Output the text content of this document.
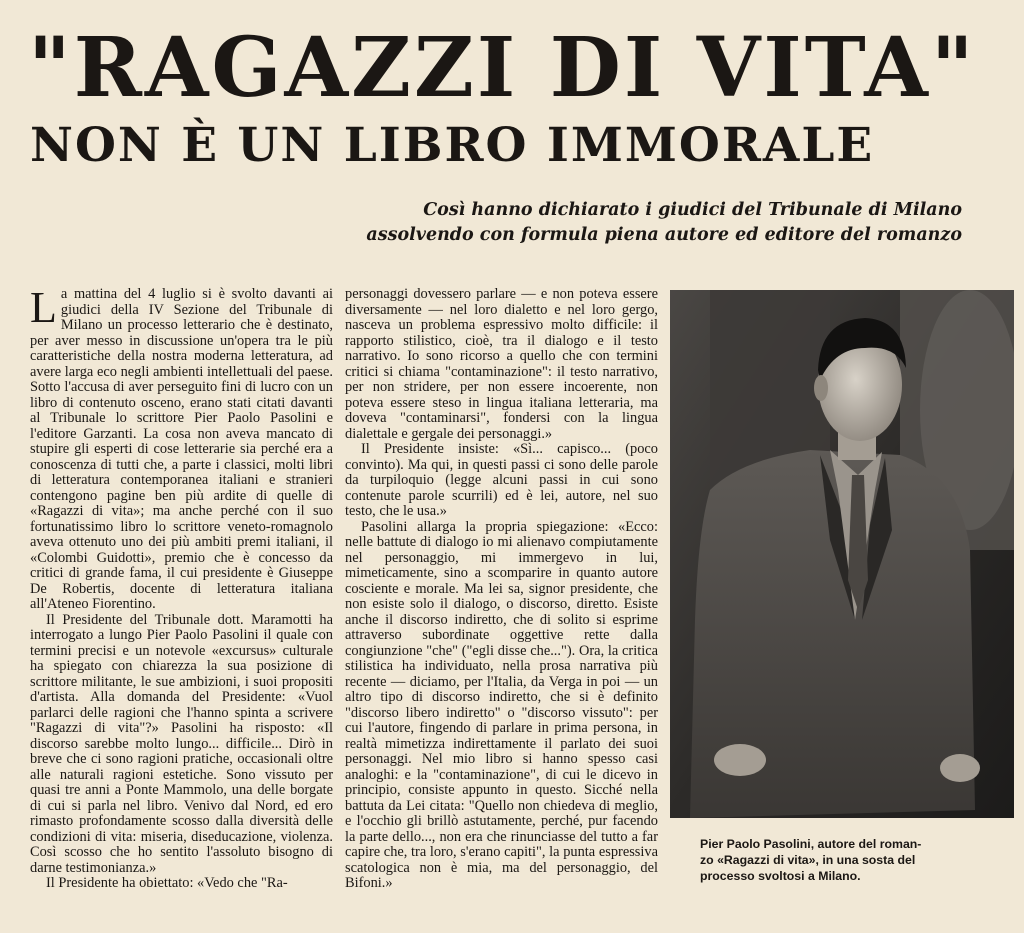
"RAGAZZI DI VITA"
NON È UN LIBRO IMMORALE
Così hanno dichiarato i giudici del Tribunale di Milano
assolvendo con formula piena autore ed editore del romanzo

La mattina del 4 luglio si è svolto davanti ai giudici della IV Sezione del Tribunale di Milano un processo letterario che è destinato, per aver messo in discussione un'opera tra le più caratteristiche della nostra moderna letteratura, ad avere larga eco negli ambienti intellettuali del paese. Sotto l'accusa di aver perseguito fini di lucro con un libro di contenuto osceno, erano stati citati davanti al Tribunale lo scrittore Pier Paolo Pasolini e l'editore Garzanti. La cosa non aveva mancato di stupire gli esperti di cose letterarie sia perché era a conoscenza di tutti che, a parte i classici, molti libri di letteratura contemporanea italiani e stranieri contengono pagine ben più ardite di quelle di «Ragazzi di vita»; ma anche perché con il suo fortunatissimo libro lo scrittore veneto-romagnolo aveva ottenuto uno dei più ambiti premi italiani, il «Colombi Guidotti», premio che è concesso da critici di grande fama, il cui presidente è Giuseppe De Robertis, docente di letteratura italiana all'Ateneo Fiorentino.

Il Presidente del Tribunale dott. Maramotti ha interrogato a lungo Pier Paolo Pasolini il quale con termini precisi e un notevole «excursus» culturale ha spiegato con chiarezza la sua posizione di scrittore militante, le sue ambizioni, i suoi propositi d'artista. Alla domanda del Presidente: «Vuol parlarci delle ragioni che l'hanno spinta a scrivere "Ragazzi di vita"?» Pasolini ha risposto: «Il discorso sarebbe molto lungo... difficile... Dirò in breve che ci sono ragioni pratiche, occasionali oltre alle naturali ragioni estetiche. Sono vissuto per quasi tre anni a Ponte Mammolo, una delle borgate di cui si parla nel libro. Venivo dal Nord, ed ero rimasto profondamente scosso dalla diversità delle condizioni di vita: miseria, diseducazione, violenza. Così scosso che ho sentito l'assoluto bisogno di darne testimonianza.»

Il Presidente ha obiettato: «Vedo che "Ra-

personaggi dovessero parlare — e non poteva essere diversamente — nel loro dialetto e nel loro gergo, nasceva un problema espressivo molto difficile: il rapporto stilistico, cioè, tra il dialogo e il testo narrativo. Io sono ricorso a quello che con termini critici si chiama "contaminazione": il testo narrativo, per non stridere, per non essere incoerente, non poteva essere steso in lingua italiana letteraria, ma doveva "contaminarsi", fondersi con la lingua dialettale e gergale dei personaggi.»

Il Presidente insiste: «Sì... capisco... (poco convinto). Ma qui, in questi passi ci sono delle parole da turpiloquio (legge alcuni passi in cui sono contenute parole scurrili) ed è lei, autore, nel suo testo, che le usa.»

Pasolini allarga la propria spiegazione: «Ecco: nelle battute di dialogo io mi alienavo compiutamente nel personaggio, mi immergevo in lui, mimeticamente, sino a scomparire in quanto autore cosciente e morale. Ma lei sa, signor presidente, che non esiste solo il dialogo, o discorso, diretto. Esiste anche il discorso indiretto, che di solito si esprime attraverso subordinate oggettive rette dalla congiunzione "che" ("egli disse che..."). Ora, la critica stilistica ha individuato, nella prosa narrativa più recente — diciamo, per l'Italia, da Verga in poi — un altro tipo di discorso indiretto, che si è definito "discorso libero indiretto" o "discorso vissuto": per cui l'autore, fingendo di parlare in prima persona, in realtà mimetizza indirettamente il parlato dei suoi personaggi. Nel mio libro si hanno spesso casi analoghi: e la "contaminazione", di cui le dicevo in principio, consiste appunto in questo. Sicché nella battuta da Lei citata: "Quello non chiedeva di meglio, e l'occhio gli brillò astutamente, perché, pur facendo la parte dello..., non era che rinunciasse del tutto a far capire che, tra loro, s'erano capiti", la punta espressiva scatologica non è mia, ma del personaggio, del Bifoni.»

Pier Paolo Pasolini, autore del roman-
zo «Ragazzi di vita», in una sosta del
processo svoltosi a Milano.
